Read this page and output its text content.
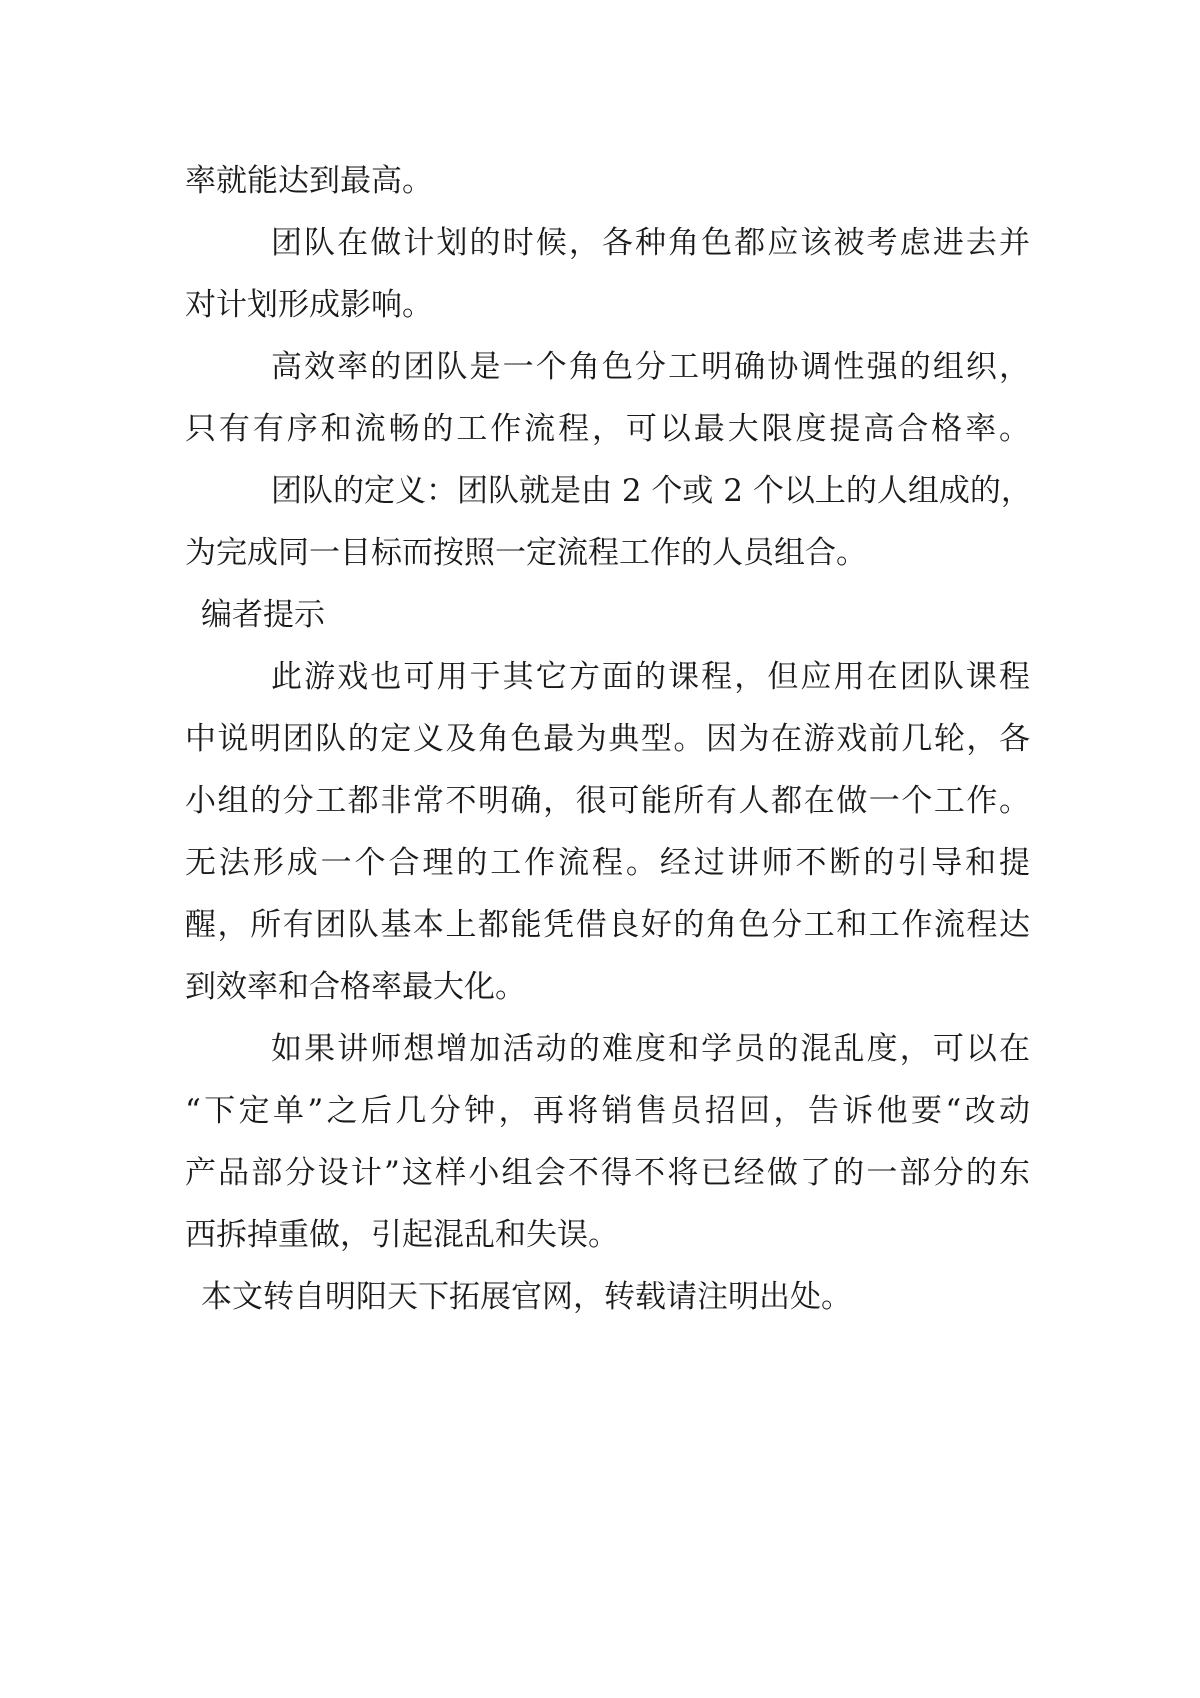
率就能达到最高。
团队在做计划的时候，各种角色都应该被考虑进去并
对计划形成影响。
高效率的团队是一个角色分工明确协调性强的组织，
只有有序和流畅的工作流程，可以最大限度提高合格率。
团队的定义：团队就是由 2 个或 2 个以上的人组成的，
为完成同一目标而按照一定流程工作的人员组合。
编者提示
此游戏也可用于其它方面的课程，但应用在团队课程
中说明团队的定义及角色最为典型。因为在游戏前几轮，各
小组的分工都非常不明确，很可能所有人都在做一个工作。
无法形成一个合理的工作流程。经过讲师不断的引导和提
醒，所有团队基本上都能凭借良好的角色分工和工作流程达
到效率和合格率最大化。
如果讲师想增加活动的难度和学员的混乱度，可以在
“下定单”之后几分钟，再将销售员招回，告诉他要“改动
产品部分设计”这样小组会不得不将已经做了的一部分的东
西拆掉重做，引起混乱和失误。
本文转自明阳天下拓展官网，转载请注明出处。
